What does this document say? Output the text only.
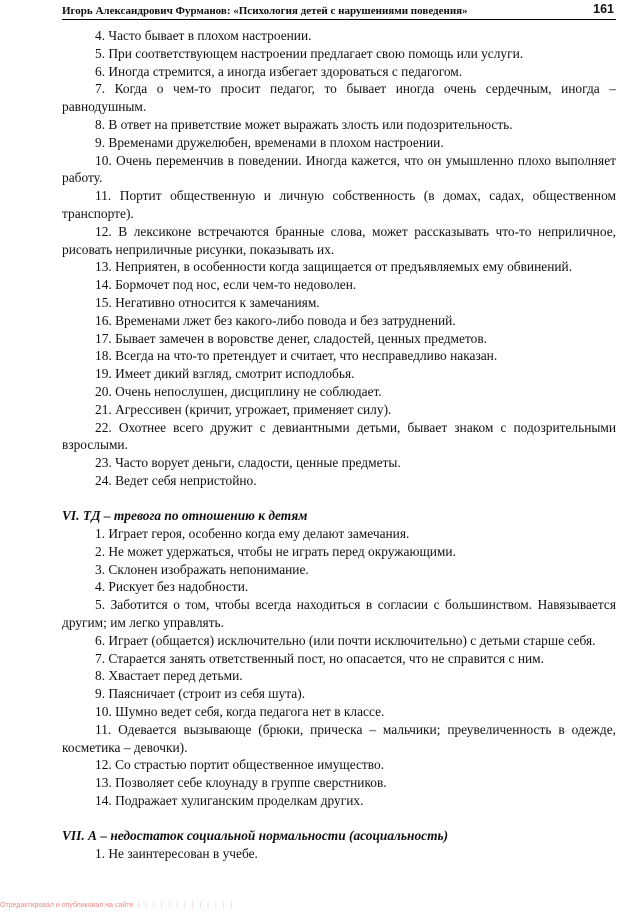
Игорь Александрович Фурманов: «Психология детей с нарушениями поведения»	161

4. Часто бывает в плохом настроении.

5. При соответствующем настроении предлагает свою помощь или услуги.

6. Иногда стремится, а иногда избегает здороваться с педагогом.

7. Когда о чем-то просит педагог, то бывает иногда очень сердечным, иногда – равнодушным.

8. В ответ на приветствие может выражать злость или подозрительность.

9. Временами дружелюбен, временами в плохом настроении.

10. Очень переменчив в поведении. Иногда кажется, что он умышленно плохо выполняет работу.

11. Портит общественную и личную собственность (в домах, садах, общественном транспорте).

12. В лексиконе встречаются бранные слова, может рассказывать что-то неприличное, рисовать неприличные рисунки, показывать их.

13. Неприятен, в особенности когда защищается от предъявляемых ему обвинений.

14. Бормочет под нос, если чем-то недоволен.

15. Негативно относится к замечаниям.

16. Временами лжет без какого-либо повода и без затруднений.

17. Бывает замечен в воровстве денег, сладостей, ценных предметов.

18. Всегда на что-то претендует и считает, что несправедливо наказан.

19. Имеет дикий взгляд, смотрит исподлобья.

20. Очень непослушен, дисциплину не соблюдает.

21. Агрессивен (кричит, угрожает, применяет силу).

22. Охотнее всего дружит с девиантными детьми, бывает знаком с подозрительными взрослыми.

23. Часто ворует деньги, сладости, ценные предметы.

24. Ведет себя непристойно.

VI. ТД – тревога по отношению к детям

1. Играет героя, особенно когда ему делают замечания.

2. Не может удержаться, чтобы не играть перед окружающими.

3. Склонен изображать непонимание.

4. Рискует без надобности.

5. Заботится о том, чтобы всегда находиться в согласии с большинством. Навязывается другим; им легко управлять.

6. Играет (общается) исключительно (или почти исключительно) с детьми старше себя.

7. Старается занять ответственный пост, но опасается, что не справится с ним.

8. Хвастает перед детьми.

9. Паясничает (строит из себя шута).

10. Шумно ведет себя, когда педагога нет в классе.

11. Одевается вызывающе (брюки, прическа – мальчики; преувеличенность в одежде, косметика – девочки).

12. Со страстью портит общественное имущество.

13. Позволяет себе клоунаду в группе сверстников.

14. Подражает хулиганским проделкам других.

VII. А – недостаток социальной нормальности (асоциальность)

1. Не заинтересован в учебе.

Отредактировал и опубликовал на сайте | | | | | | | | | | | | |
